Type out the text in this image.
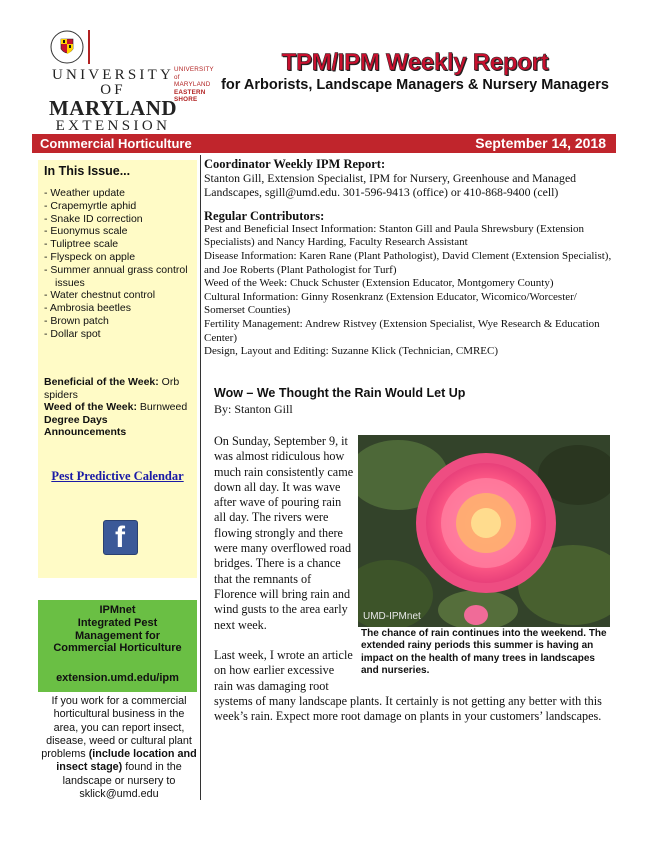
UNIVERSITY of MARYLAND
EASTERN SHORE
UNIVERSITY OF
MARYLAND
EXTENSION
TPM/IPM Weekly Report
for Arborists, Landscape Managers & Nursery Managers
Commercial Horticulture	September 14, 2018
In This Issue...
- Weather update
- Crapemyrtle aphid
- Snake ID correction
- Euonymus scale
- Tuliptree scale
- Flyspeck on apple
- Summer annual grass control issues
- Water chestnut control
- Ambrosia beetles
- Brown patch
- Dollar spot
Beneficial of the Week: Orb spiders
Weed of the Week: Burnweed
Degree Days
Announcements
Pest Predictive Calendar
f
IPMnet
Integrated Pest
Management for
Commercial Horticulture
extension.umd.edu/ipm
If you work for a commercial horticultural business in the area, you can report insect, disease, weed or cultural plant problems (include location and insect stage) found in the landscape or nursery to sklick@umd.edu
Coordinator Weekly IPM Report:
Stanton Gill, Extension Specialist, IPM for Nursery, Greenhouse and Managed Landscapes, sgill@umd.edu. 301-596-9413 (office) or 410-868-9400 (cell)
Regular Contributors:
Pest and Beneficial Insect Information: Stanton Gill and Paula Shrewsbury (Extension Specialists) and Nancy Harding, Faculty Research Assistant
Disease Information: Karen Rane (Plant Pathologist), David Clement (Extension Specialist), and Joe Roberts (Plant Pathologist for Turf)
Weed of the Week: Chuck Schuster (Extension Educator, Montgomery County)
Cultural Information: Ginny Rosenkranz (Extension Educator, Wicomico/Worcester/ Somerset Counties)
Fertility Management: Andrew Ristvey (Extension Specialist, Wye Research & Education Center)
Design, Layout and Editing: Suzanne Klick (Technician, CMREC)
Wow – We Thought the Rain Would Let Up
By: Stanton Gill
On Sunday, September 9, it was almost ridiculous how much rain consistently came down all day. It was wave after wave of pouring rain all day. The rivers were flowing strongly and there were many overflowed road bridges. There is a chance that the remnants of Florence will bring rain and wind gusts to the area early next week.
Last week, I wrote an article on how earlier excessive rain was damaging root
systems of many landscape plants. It certainly is not getting any better with this week’s rain. Expect more root damage on plants in your customers’ landscapes.
UMD-IPMnet
The chance of rain continues into the weekend. The extended rainy periods this summer is having an impact on the health of many trees in landscapes and nurseries.
